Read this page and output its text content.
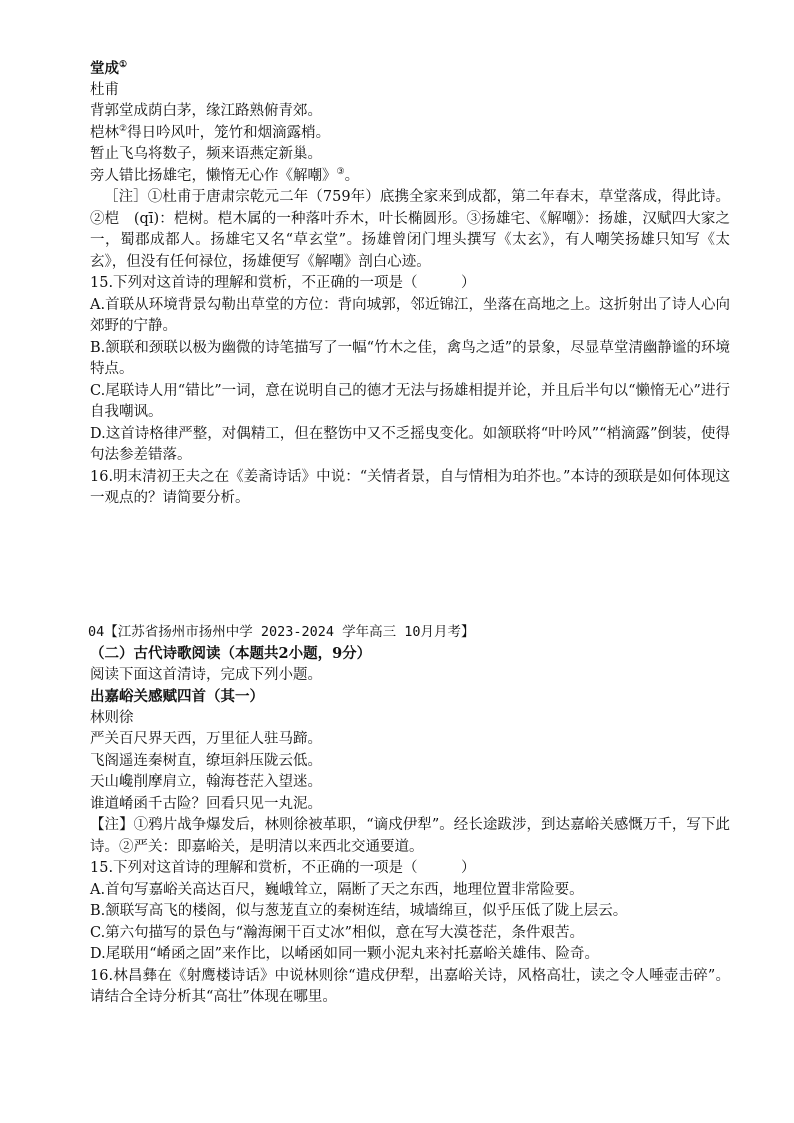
堂成①
杜甫
背郭堂成荫白茅，缘江路熟俯青郊。
桤林②得日吟风叶，笼竹和烟滴露梢。
暂止飞乌将数子，频来语燕定新巢。
旁人错比扬雄宅，懒惰无心作《解嘲》③。
［注］①杜甫于唐肃宗乾元二年（759年）底携全家来到成都，第二年春末，草堂落成，得此诗。②桤　(qī)：桤树。桤木属的一种落叶乔木，叶长椭圆形。③扬雄宅、《解嘲》：扬雄，汉赋四大家之一，蜀郡成都人。扬雄宅又名“草玄堂”。扬雄曾闭门埋头撰写《太玄》，有人嘲笑扬雄只知写《太玄》，但没有任何禄位，扬雄便写《解嘲》剖白心迹。
15.下列对这首诗的理解和赏析，不正确的一项是（　　　）
A.首联从环境背景勾勒出草堂的方位：背向城郭，邻近锦江，坐落在高地之上。这折射出了诗人心向郊野的宁静。
B.颔联和颈联以极为幽微的诗笔描写了一幅“竹木之佳，禽鸟之适”的景象，尽显草堂清幽静谧的环境特点。
C.尾联诗人用“错比”一词，意在说明自己的德才无法与扬雄相提并论，并且后半句以“懒惰无心”进行自我嘲讽。
D.这首诗格律严整，对偶精工，但在整饬中又不乏摇曳变化。如颔联将“叶吟风”“梢滴露”倒装，使得句法参差错落。
16.明末清初王夫之在《姜斋诗话》中说：“关情者景，自与情相为珀芥也。”本诗的颈联是如何体现这一观点的？请简要分析。
04【江苏省扬州市扬州中学 2023-2024 学年高三 10月月考】
（二）古代诗歌阅读（本题共2小题，9分）
阅读下面这首清诗，完成下列小题。
出嘉峪关感赋四首（其一）
林则徐
严关百尺界天西，万里征人驻马蹄。
飞阁遥连秦树直，缭垣斜压陇云低。
天山巉削摩肩立，翰海苍茫入望迷。
谁道崤函千古险？回看只见一丸泥。
【注】①鸦片战争爆发后，林则徐被革职，“谪戍伊犁”。经长途跋涉，到达嘉峪关感慨万千，写下此诗。②严关：即嘉峪关，是明清以来西北交通要道。
15.下列对这首诗的理解和赏析，不正确的一项是（　　　）
A.首句写嘉峪关高达百尺，巍峨耸立，隔断了天之东西，地理位置非常险要。
B.颔联写高飞的楼阁，似与葱茏直立的秦树连结，城墙绵亘，似乎压低了陇上层云。
C.第六句描写的景色与“瀚海阑干百丈冰”相似，意在写大漠苍茫，条件艰苦。
D.尾联用“崤函之固”来作比，以崤函如同一颗小泥丸来衬托嘉峪关雄伟、险奇。
16.林昌彝在《射鹰楼诗话》中说林则徐“遣戍伊犁，出嘉峪关诗，风格高壮，读之令人唾壶击碎”。请结合全诗分析其“高壮”体现在哪里。
